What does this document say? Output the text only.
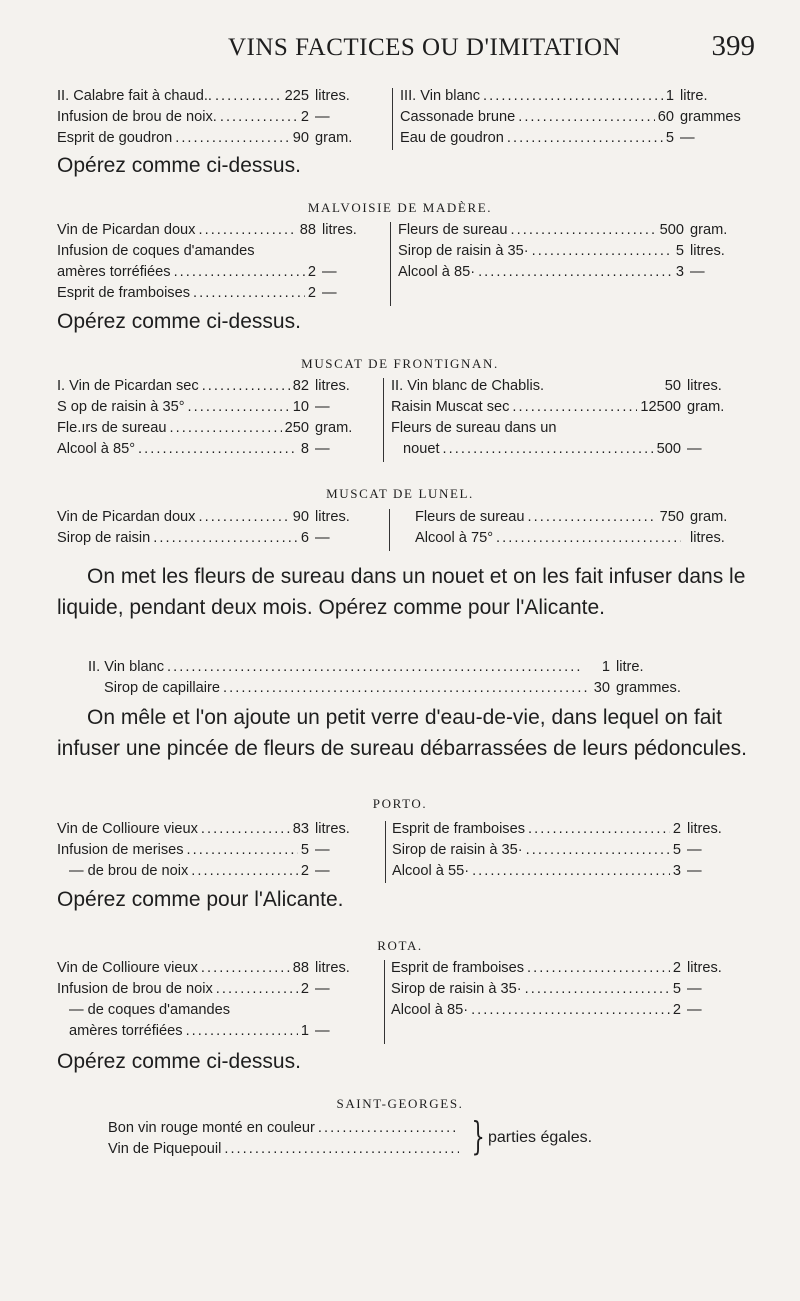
VINS FACTICES OU D'IMITATION	399
II. Calabre fait à chaud.. . . .	225 litres.
Infusion de brou de noix. . . .	2 —
Esprit de goudron . . .	90 gram.
III. Vin blanc . . .	1 litre.
Cassonade brune . . .	60 grammes
Eau de goudron . . .	5 —
Opérez comme ci-dessus.
MALVOISIE DE MADÈRE.
Vin de Picardan doux . . .	88 litres.
Infusion de coques d'amandes
amères torréfiées . . .	2 —
Esprit de framboises . . .	2 —
Fleurs de sureau . . .	500 gram.
Sirop de raisin à 35· . . .	5 litres.
Alcool à 85· . . .	3 —
Opérez comme ci-dessus.
MUSCAT DE FRONTIGNAN.
I. Vin de Picardan sec . . .	82 litres.
S op de raisin à 35° . . .	10 —
Fle.ırs de sureau . . .	250 gram.
Alcool à 85° . . .	8 —
II. Vin blanc de Chablis.	50 litres.
Raisin Muscat sec . . .	12500 gram.
Fleurs de sureau dans un
nouet . . .	500 —
MUSCAT DE LUNEL.
Vin de Picardan doux . . .	90 litres.
Sirop de raisin . . .	6 —
Fleurs de sureau . . .	750 gram.
Alcool à 75° . . .	litres.
On met les fleurs de sureau dans un nouet et on les fait infuser dans le liquide, pendant deux mois. Opérez comme pour l'Alicante.
II. Vin blanc . . .	1 litre.
Sirop de capillaire . . .	30 grammes.
On mêle et l'on ajoute un petit verre d'eau-de-vie, dans lequel on fait infuser une pincée de fleurs de sureau débarrassées de leurs pédoncules.
PORTO.
Vin de Collioure vieux . . .	83 litres.
Infusion de merises . . .	5 —
— de brou de noix . . .	2 —
Esprit de framboises . . .	2 litres.
Sirop de raisin à 35· . . .	5 —
Alcool à 55· . . .	3 —
Opérez comme pour l'Alicante.
ROTA.
Vin de Collioure vieux . . .	88 litres.
Infusion de brou de noix . . .	2 —
— de coques d'amandes
amères torréfiées . . .	1 —
Esprit de framboises . . .	2 litres.
Sirop de raisin à 35· . . .	5 —
Alcool à 85· . . .	2 —
Opérez comme ci-dessus.
SAINT-GEORGES.
Bon vin rouge monté en couleur
. . .
Vin de Piquepouil . . .	} parties égales.
